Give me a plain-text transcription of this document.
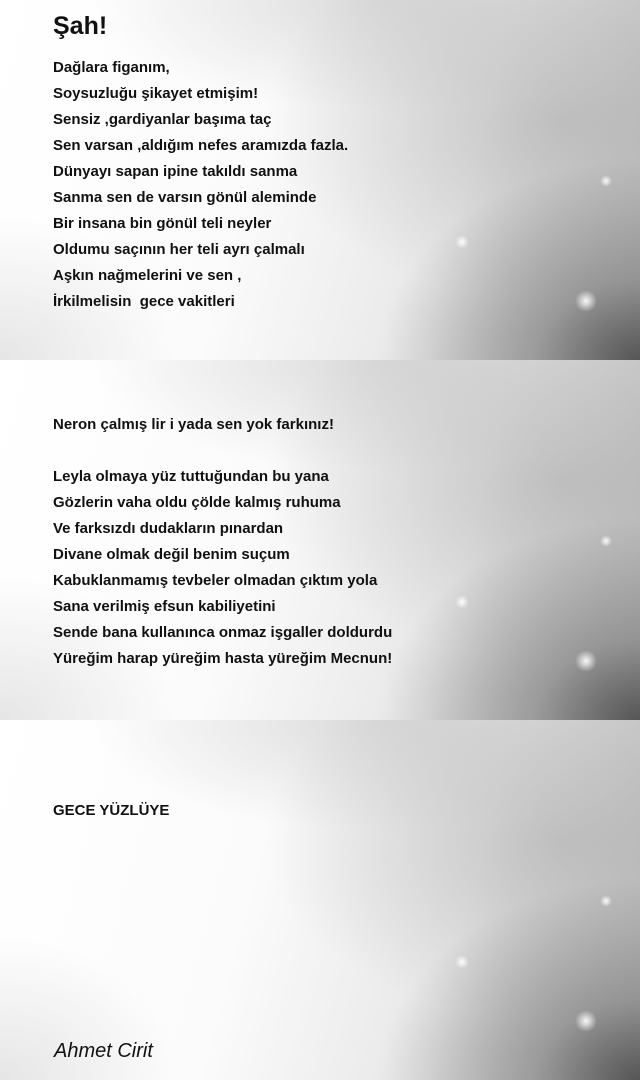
Şah!
Dağlara figanım,
Soysuzluğu şikayet etmişim!
Sensiz ,gardiyanlar başıma taç
Sen varsan ,aldığım nefes aramızda fazla.
Dünyayı sapan ipine takıldı sanma
Sanma sen de varsın gönül aleminde
Bir insana bin gönül teli neyler
Oldumu saçının her teli ayrı çalmalı
Aşkın nağmelerini ve sen ,
İrkilmelisin  gece vakitleri
Neron çalmış lir i yada sen yok farkınız!
Leyla olmaya yüz tuttuğundan bu yana
Gözlerin vaha oldu çölde kalmış ruhuma
Ve farksızdı dudakların pınardan
Divane olmak değil benim suçum
Kabuklanmamış tevbeler olmadan çıktım yola
Sana verilmiş efsun kabiliyetini
Sende bana kullanınca onmaz işgaller doldurdu
Yüreğim harap yüreğim hasta yüreğim Mecnun!
GECE YÜZLÜYE

Ahmet Cirit
